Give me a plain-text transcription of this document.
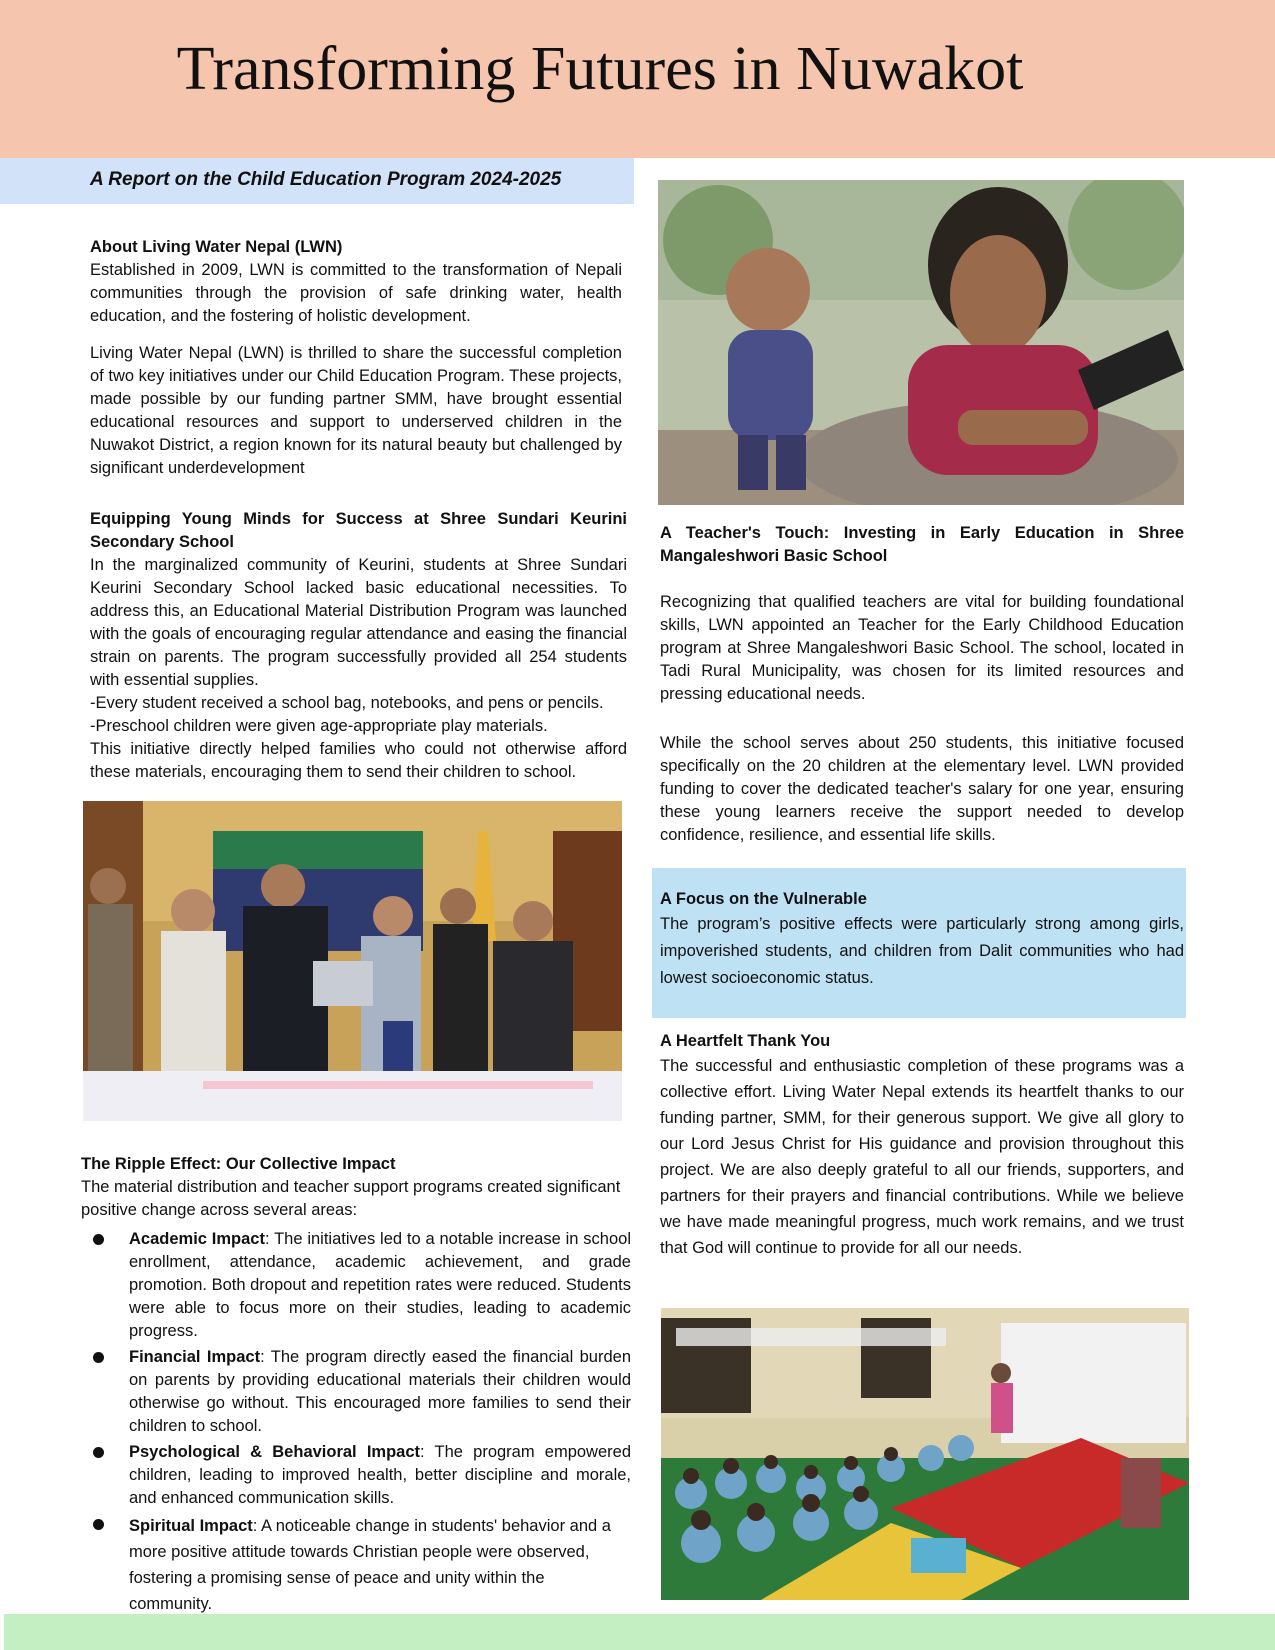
Transforming Futures in Nuwakot
A Report on the Child Education Program 2024-2025

About Living Water Nepal (LWN)

Established in 2009, LWN is committed to the transformation of Nepali communities through the provision of safe drinking water, health education, and the fostering of holistic development.

Living Water Nepal (LWN) is thrilled to share the successful completion of two key initiatives under our Child Education Program. These projects, made possible by our funding partner SMM, have brought essential educational resources and support to underserved children in the Nuwakot District, a region known for its natural beauty but challenged by significant underdevelopment

Equipping Young Minds for Success at Shree Sundari Keurini Secondary School

In the marginalized community of Keurini, students at Shree Sundari Keurini Secondary School lacked basic educational necessities. To address this, an Educational Material Distribution Program was launched with the goals of encouraging regular attendance and easing the financial strain on parents. The program successfully provided all 254 students with essential supplies.

-Every student received a school bag, notebooks, and pens or pencils.

-Preschool children were given age-appropriate play materials.

This initiative directly helped families who could not otherwise afford these materials, encouraging them to send their children to school.

The Ripple Effect: Our Collective Impact

The material distribution and teacher support programs created significant positive change across several areas:

Academic Impact: The initiatives led to a notable increase in school enrollment, attendance, academic achievement, and grade promotion. Both dropout and repetition rates were reduced. Students were able to focus more on their studies, leading to academic progress.
Financial Impact: The program directly eased the financial burden on parents by providing educational materials their children would otherwise go without. This encouraged more families to send their children to school.
Psychological & Behavioral Impact: The program empowered children, leading to improved health, better discipline and morale, and enhanced communication skills.
Spiritual Impact: A noticeable change in students' behavior and a more positive attitude towards Christian people were observed, fostering a promising sense of peace and unity within the community.

A Teacher's Touch: Investing in Early Education in Shree Mangaleshwori Basic School

Recognizing that qualified teachers are vital for building foundational skills, LWN appointed an Teacher for the Early Childhood Education program at Shree Mangaleshwori Basic School. The school, located in Tadi Rural Municipality, was chosen for its limited resources and pressing educational needs.

While the school serves about 250 students, this initiative focused specifically on the 20 children at the elementary level. LWN provided funding to cover the dedicated teacher's salary for one year, ensuring these young learners receive the support needed to develop confidence, resilience, and essential life skills.

A Focus on the Vulnerable

The program’s positive effects were particularly strong among girls, impoverished students, and children from Dalit communities who had lowest socioeconomic status.

A Heartfelt Thank You

The successful and enthusiastic completion of these programs was a collective effort. Living Water Nepal extends its heartfelt thanks to our funding partner, SMM, for their generous support. We give all glory to our Lord Jesus Christ for His guidance and provision throughout this project. We are also deeply grateful to all our friends, supporters, and partners for their prayers and financial contributions. While we believe we have made meaningful progress, much work remains, and we trust that God will continue to provide for all our needs.
